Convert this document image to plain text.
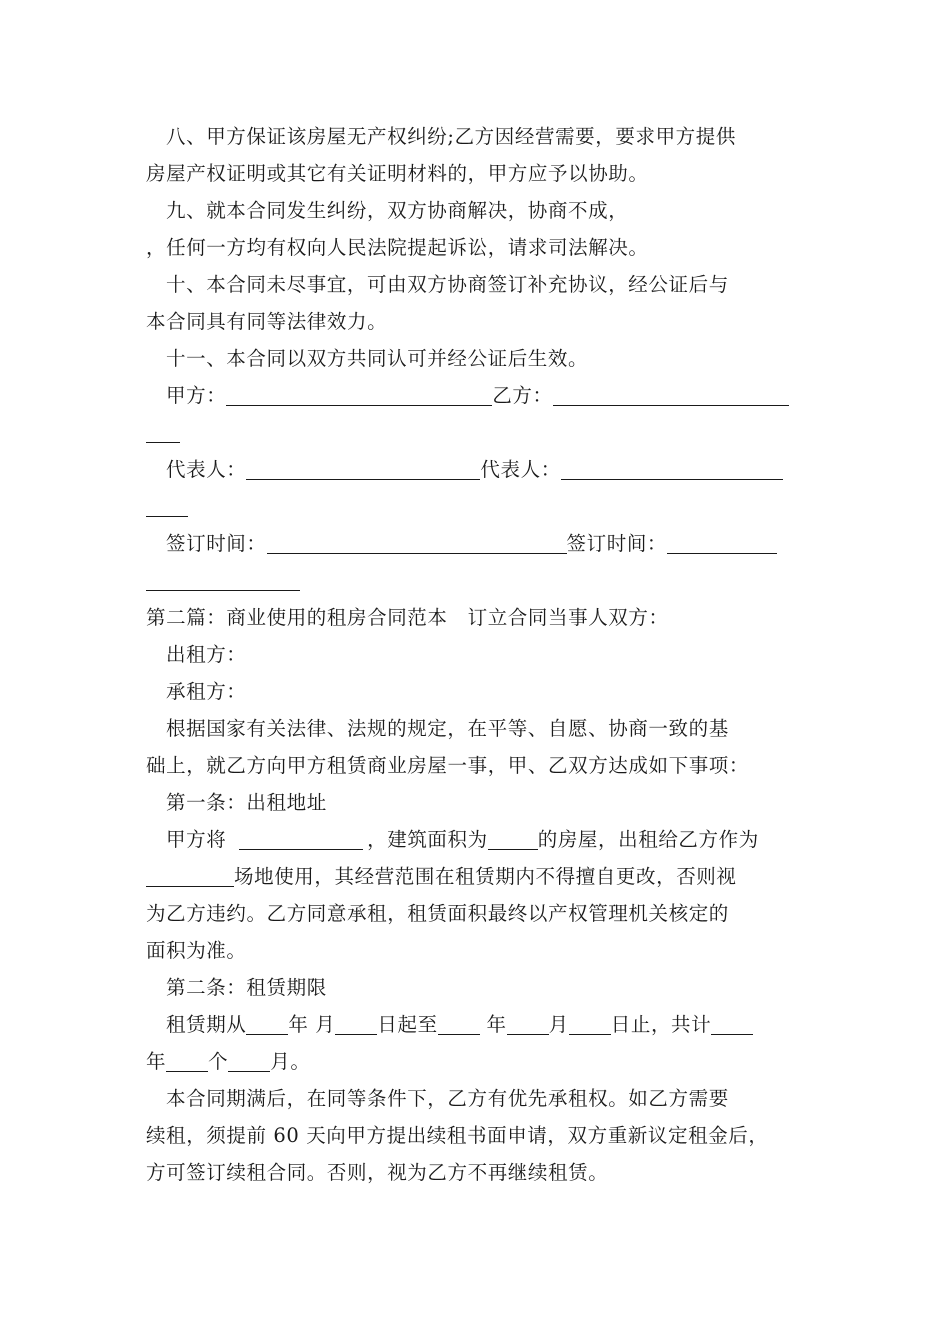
八、甲方保证该房屋无产权纠纷;乙方因经营需要，要求甲方提供
房屋产权证明或其它有关证明材料的，甲方应予以协助。
九、就本合同发生纠纷，双方协商解决，协商不成，
，任何一方均有权向人民法院提起诉讼，请求司法解决。
十、本合同未尽事宜，可由双方协商签订补充协议，经公证后与
本合同具有同等法律效力。
十一、本合同以双方共同认可并经公证后生效。
甲方：	乙方：
代表人：	代表人：
签订时间：	签订时间：
第二篇：商业使用的租房合同范本　订立合同当事人双方：
出租方：
承租方：
根据国家有关法律、法规的规定，在平等、自愿、协商一致的基
础上，就乙方向甲方租赁商业房屋一事，甲、乙双方达成如下事项：
第一条：出租地址
甲方将	，建筑面积为	的房屋，出租给乙方作为
场地使用，其经营范围在租赁期内不得擅自更改，否则视
为乙方违约。乙方同意承租，租赁面积最终以产权管理机关核定的
面积为准。
第二条：租赁期限
租赁期从 年 月 日起至	年 月 日止，共计
年 个 月。
本合同期满后，在同等条件下，乙方有优先承租权。如乙方需要
续租，须提前 60 天向甲方提出续租书面申请，双方重新议定租金后，
方可签订续租合同。否则，视为乙方不再继续租赁。
